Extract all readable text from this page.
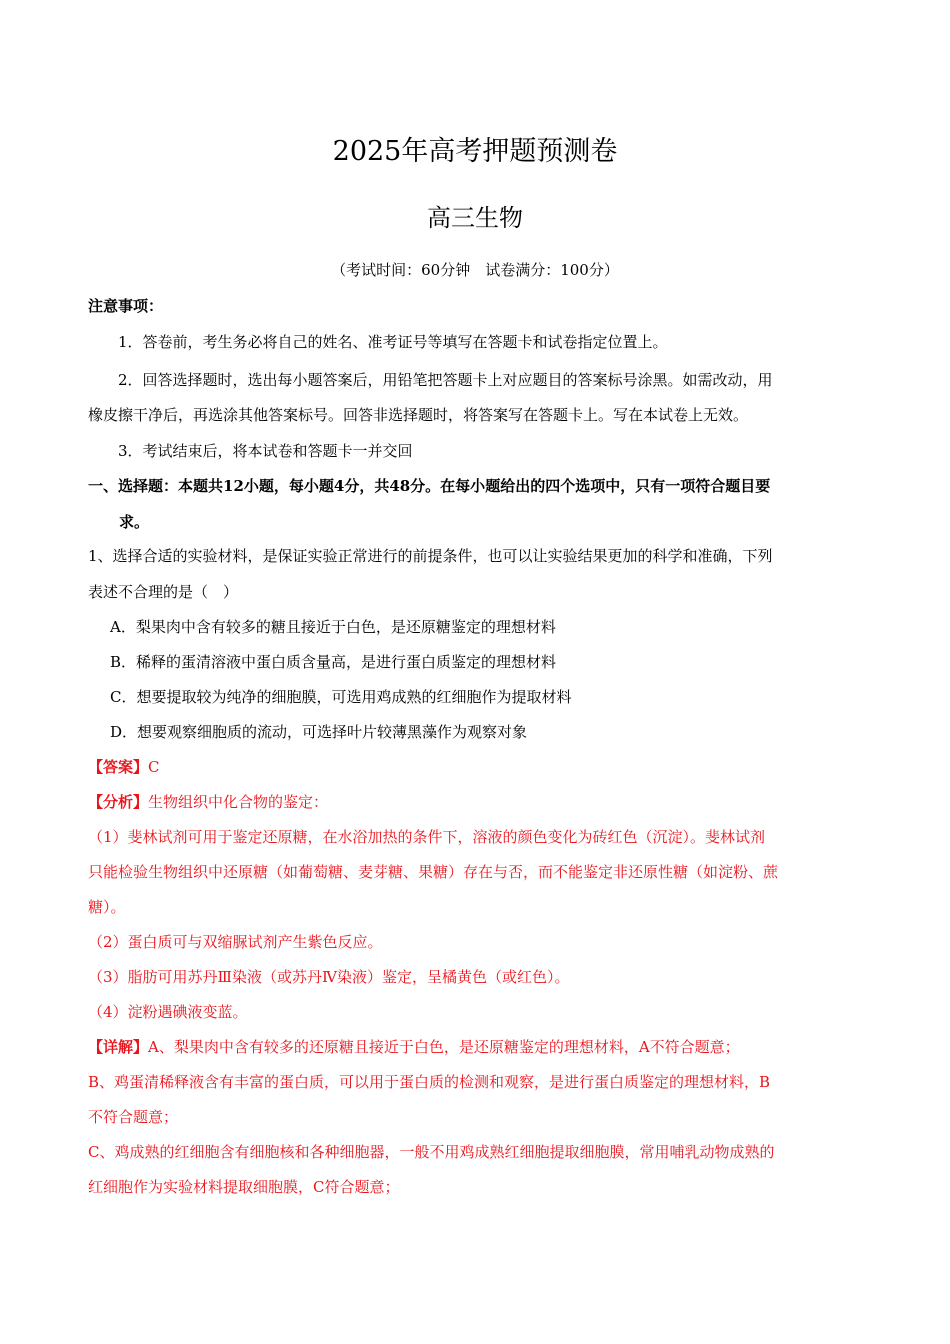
2025年高考押题预测卷
高三生物
（考试时间：60分钟　试卷满分：100分）
注意事项：
1．答卷前，考生务必将自己的姓名、准考证号等填写在答题卡和试卷指定位置上。
2．回答选择题时，选出每小题答案后，用铅笔把答题卡上对应题目的答案标号涂黑。如需改动，用
橡皮擦干净后，再选涂其他答案标号。回答非选择题时，将答案写在答题卡上。写在本试卷上无效。
3．考试结束后，将本试卷和答题卡一并交回
一、选择题：本题共12小题，每小题4分，共48分。在每小题给出的四个选项中，只有一项符合题目要
求。
1、选择合适的实验材料，是保证实验正常进行的前提条件，也可以让实验结果更加的科学和准确，下列
表述不合理的是（　）
A．梨果肉中含有较多的糖且接近于白色，是还原糖鉴定的理想材料
B．稀释的蛋清溶液中蛋白质含量高，是进行蛋白质鉴定的理想材料
C．想要提取较为纯净的细胞膜，可选用鸡成熟的红细胞作为提取材料
D．想要观察细胞质的流动，可选择叶片较薄黑藻作为观察对象
【答案】C
【分析】生物组织中化合物的鉴定：
（1）斐林试剂可用于鉴定还原糖，在水浴加热的条件下，溶液的颜色变化为砖红色（沉淀）。斐林试剂
只能检验生物组织中还原糖（如葡萄糖、麦芽糖、果糖）存在与否，而不能鉴定非还原性糖（如淀粉、蔗
糖）。
（2）蛋白质可与双缩脲试剂产生紫色反应。
（3）脂肪可用苏丹Ⅲ染液（或苏丹Ⅳ染液）鉴定，呈橘黄色（或红色）。
（4）淀粉遇碘液变蓝。
【详解】A、梨果肉中含有较多的还原糖且接近于白色，是还原糖鉴定的理想材料，A不符合题意；
B、鸡蛋清稀释液含有丰富的蛋白质，可以用于蛋白质的检测和观察，是进行蛋白质鉴定的理想材料，B
不符合题意；
C、鸡成熟的红细胞含有细胞核和各种细胞器，一般不用鸡成熟红细胞提取细胞膜，常用哺乳动物成熟的
红细胞作为实验材料提取细胞膜，C符合题意；
